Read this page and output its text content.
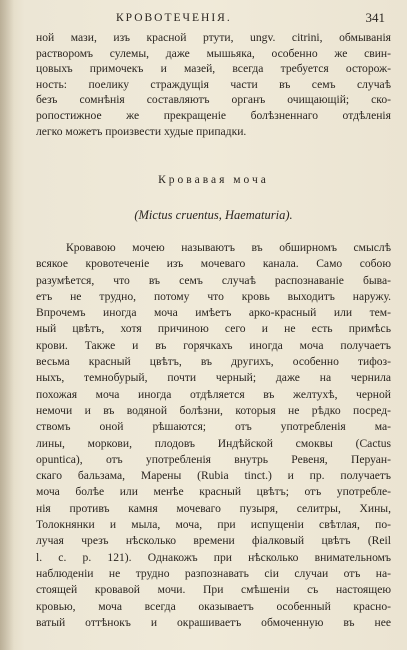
КРОВОТЕЧЕНІЯ.	341
ной мази, изъ красной ртути, ungv. citrini, обмыванія
растворомъ сулемы, даже мышьяка, особенно же свин-
цовыхъ примочекъ и мазей, всегда требуется осторож-
ность: поелику страждущія части въ семъ случаѣ
безъ сомнѣнія составляютъ органъ очищающій; ско-
ропостижное же прекращеніе болѣзненнаго отдѣленія
легко можетъ произвести худые припадки.
Кровавая моча
(Mictus cruentus, Haematuria).
Кровавою мочею называютъ въ обширномъ смыслѣ
всякое кровотеченіе изъ мочеваго канала. Само собою
разумѣется, что въ семъ случаѣ распознаваніе быва-
етъ не трудно, потому что кровь выходитъ наружу.
Впрочемъ иногда моча имѣетъ арко-красный или тем-
ный цвѣтъ, хотя причиною сего и не есть примѣсь
крови. Также и въ горячкахъ иногда моча получаетъ
весьма красный цвѣтъ, въ другихъ, особенно тифоз-
ныхъ, темнобурый, почти черный; даже на чернила
похожая моча иногда отдѣляется въ желтухѣ, черной
немочи и въ водяной болѣзни, которыя не рѣдко посред-
ствомъ оной рѣшаются; отъ употребленія ма-
лины, моркови, плодовъ Индѣйской смоквы (Cactus
opuntica), отъ употребленія внутрь Ревеня, Перуан-
скаго бальзама, Марены (Rubia tinct.) и пр. получаетъ
моча болѣе или менѣе красный цвѣтъ; отъ употребле-
нія противъ камня мочеваго пузыря, селитры, Хины,
Толокнянки и мыла, моча, при испущеніи свѣтлая, по-
лучая чрезъ нѣсколько времени фіалковый цвѣтъ (Reil
l. c. p. 121). Однакожъ при нѣсколько внимательномъ
наблюденіи не трудно разпознавать сіи случаи отъ на-
стоящей кровавой мочи. При смѣшеніи съ настоящею
кровью, моча всегда оказываетъ особенный красно-
ватый оттѣнокъ и окрашиваетъ обмоченную въ нее
